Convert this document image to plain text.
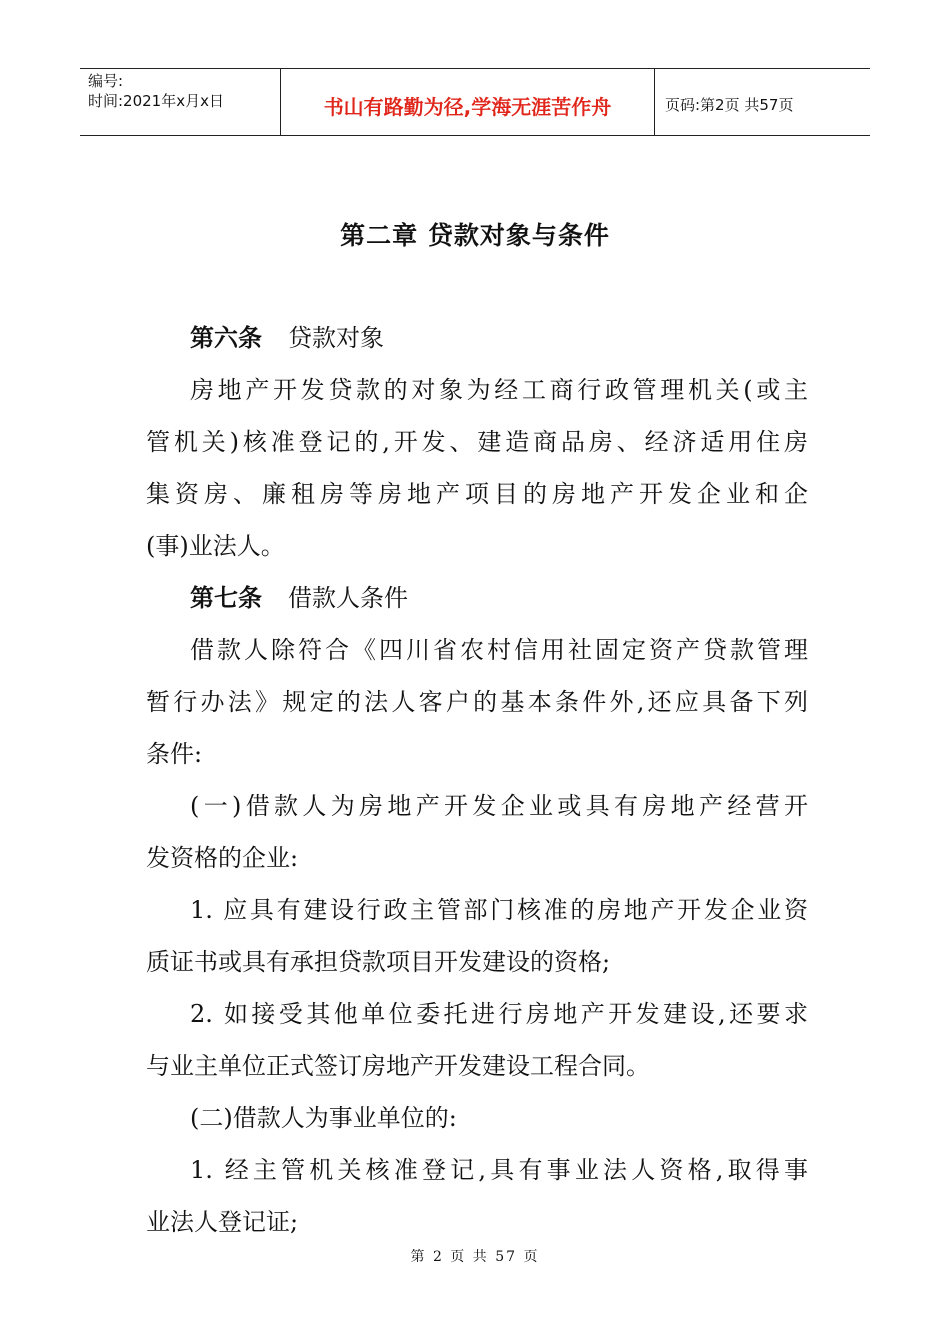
编号:
时间:2021年x月x日	书山有路勤为径,学海无涯苦作舟	页码:第2页 共57页
第二章 贷款对象与条件
第六条 贷款对象
房地产开发贷款的对象为经工商行政管理机关(或主
管机关)核准登记的,开发、建造商品房、经济适用住房
集资房、廉租房等房地产项目的房地产开发企业和企
(事)业法人。
第七条 借款人条件
借款人除符合《四川省农村信用社固定资产贷款管理
暂行办法》规定的法人客户的基本条件外,还应具备下列
条件:
(一)借款人为房地产开发企业或具有房地产经营开
发资格的企业:
1. 应具有建设行政主管部门核准的房地产开发企业资
质证书或具有承担贷款项目开发建设的资格;
2. 如接受其他单位委托进行房地产开发建设,还要求
与业主单位正式签订房地产开发建设工程合同。
(二)借款人为事业单位的:
1. 经主管机关核准登记,具有事业法人资格,取得事
业法人登记证;
第 2 页 共 57 页
